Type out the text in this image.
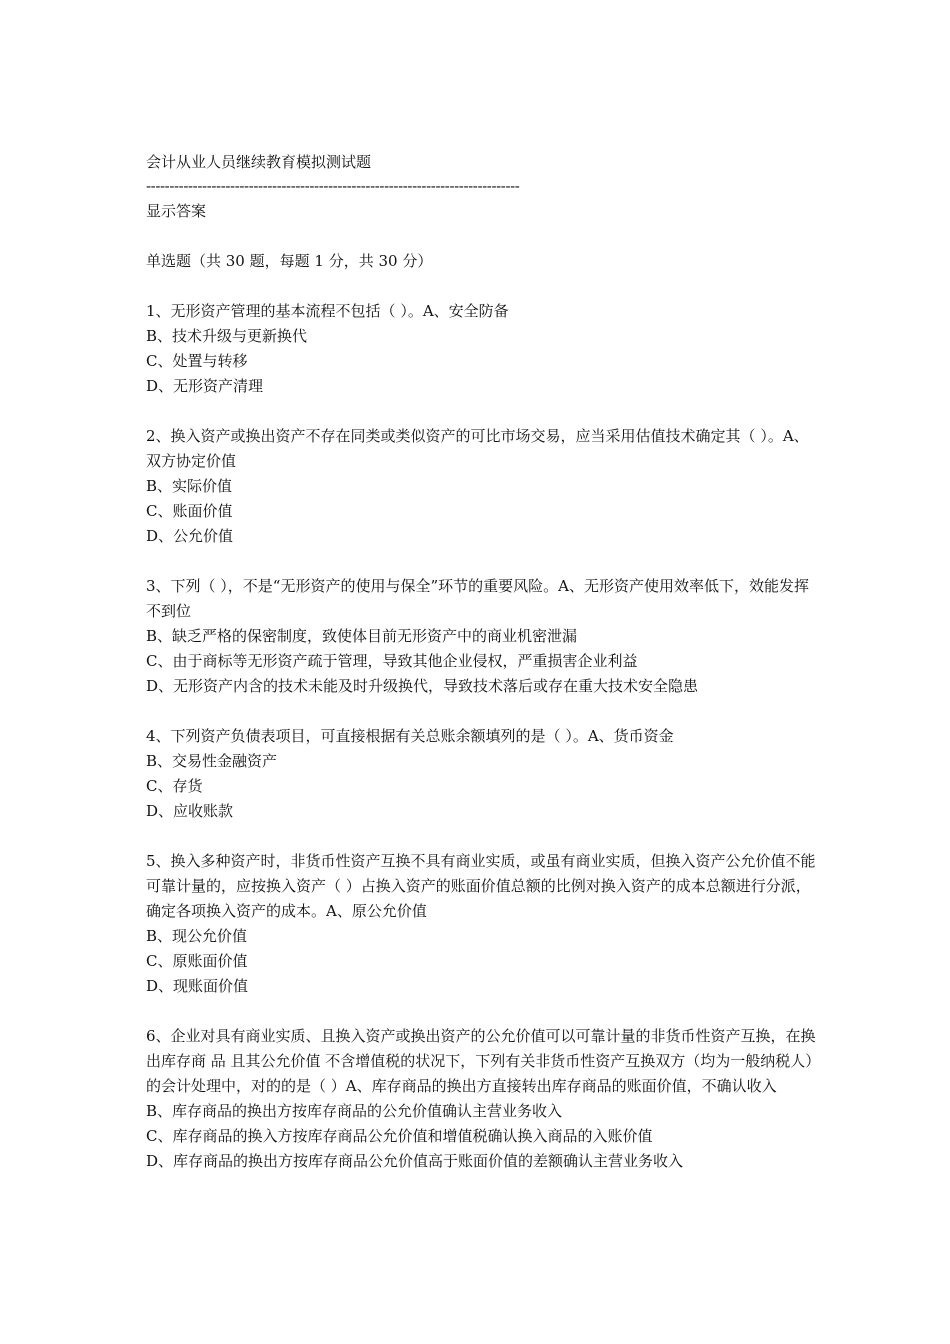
会计从业人员继续教育模拟测试题

--------------------------------------------------------------------------------

显示答案

单选题（共 30 题，每题 1 分，共 30 分）

1、无形资产管理的基本流程不包括（ ）。A、安全防备

B、技术升级与更新换代

C、处置与转移

D、无形资产清理

2、换入资产或换出资产不存在同类或类似资产的可比市场交易，应当采用估值技术确定其（ ）。A、双方协定价值

B、实际价值

C、账面价值

D、公允价值

3、下列（ ），不是“无形资产的使用与保全”环节的重要风险。A、无形资产使用效率低下，效能发挥不到位

B、缺乏严格的保密制度，致使体目前无形资产中的商业机密泄漏

C、由于商标等无形资产疏于管理，导致其他企业侵权，严重损害企业利益

D、无形资产内含的技术未能及时升级换代，导致技术落后或存在重大技术安全隐患

4、下列资产负债表项目，可直接根据有关总账余额填列的是（ ）。A、货币资金

B、交易性金融资产

C、存货

D、应收账款

5、换入多种资产时，非货币性资产互换不具有商业实质，或虽有商业实质，但换入资产公允价值不能可靠计量的，应按换入资产（ ）占换入资产的账面价值总额的比例对换入资产的成本总额进行分派，确定各项换入资产的成本。A、原公允价值

B、现公允价值

C、原账面价值

D、现账面价值

6、企业对具有商业实质、且换入资产或换出资产的公允价值可以可靠计量的非货币性资产互换，在换出库存商 品 且其公允价值 不含增值税的状况下，下列有关非货币性资产互换双方（均为一般纳税人）的会计处理中，对的的是（ ）A、库存商品的换出方直接转出库存商品的账面价值，不确认收入

B、库存商品的换出方按库存商品的公允价值确认主营业务收入

C、库存商品的换入方按库存商品公允价值和增值税确认换入商品的入账价值

D、库存商品的换出方按库存商品公允价值高于账面价值的差额确认主营业务收入
